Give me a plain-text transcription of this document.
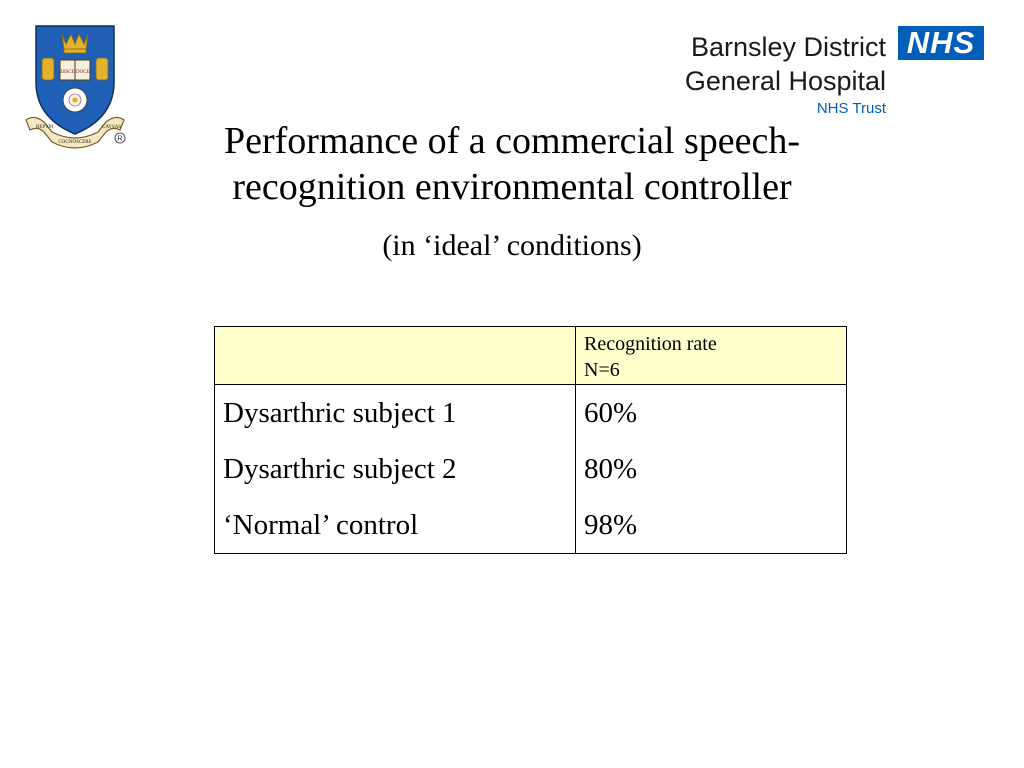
DISCE DOCE
REPVM
COGNOSCERE
CAVSAS
R
Barnsley District
General Hospital
NHS Trust
NHS
Performance of a commercial speech-
recognition environmental controller
(in ‘ideal’ conditions)

	Recognition rate
N=6

Dysarthric subject 1	60%
Dysarthric subject 2	80%
‘Normal’ control	98%
